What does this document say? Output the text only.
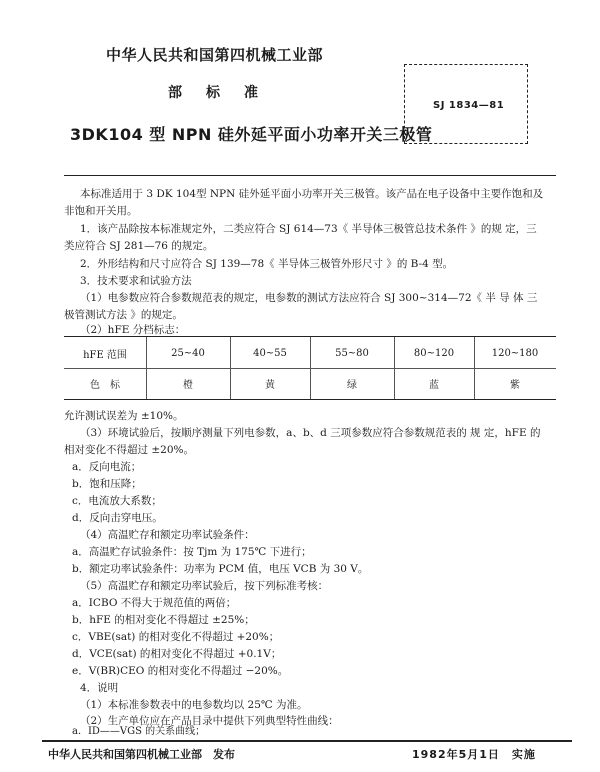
中华人民共和国第四机械工业部
部标准
3DK104 型 NPN 硅外延平面小功率开关三极管
SJ 1834—81
本标准适用于 3 DK 104型 NPN 硅外延平面小功率开关三极管。该产品在电子设备中主要作饱和及
非饱和开关用。
1．该产品除按本标准规定外，二类应符合 SJ 614—73《 半导体三极管总技术条件 》的规 定，三
类应符合 SJ 281—76 的规定。
2．外形结构和尺寸应符合 SJ 139—78《 半导体三极管外形尺寸 》的 B-4 型。
3．技术要求和试验方法
（1）电参数应符合参数规范表的规定，电参数的测试方法应符合 SJ 300~314—72《 半 导 体 三
极管测试方法 》的规定。
（2）hFE 分档标志：
hFE 范围	25~40	40~55	55~80	80~120	120~180
色　标	橙	黄	绿	蓝	紫
允许测试误差为 ±10%。
（3）环境试验后，按顺序测量下列电参数，a、b、d 三项参数应符合参数规范表的 规 定，hFE 的
相对变化不得超过 ±20%。
a．反向电流；
b．饱和压降；
c．电流放大系数；
d．反向击穿电压。
（4）高温贮存和额定功率试验条件：
a．高温贮存试验条件：按 Tjm 为 175℃ 下进行；
b．额定功率试验条件：功率为 PCM 值，电压 VCB 为 30 V。
（5）高温贮存和额定功率试验后，按下列标准考核：
a．ICBO 不得大于规范值的两倍；
b．hFE 的相对变化不得超过 ±25%；
c．VBE(sat) 的相对变化不得超过 +20%；
d．VCE(sat) 的相对变化不得超过 +0.1V；
e．V(BR)CEO 的相对变化不得超过 −20%。
4．说明
（1）本标准参数表中的电参数均以 25℃ 为准。
（2）生产单位应在产品目录中提供下列典型特性曲线：
a．ID——VGS 的关系曲线；
中华人民共和国第四机械工业部　发布	1982年5月1日　实施
